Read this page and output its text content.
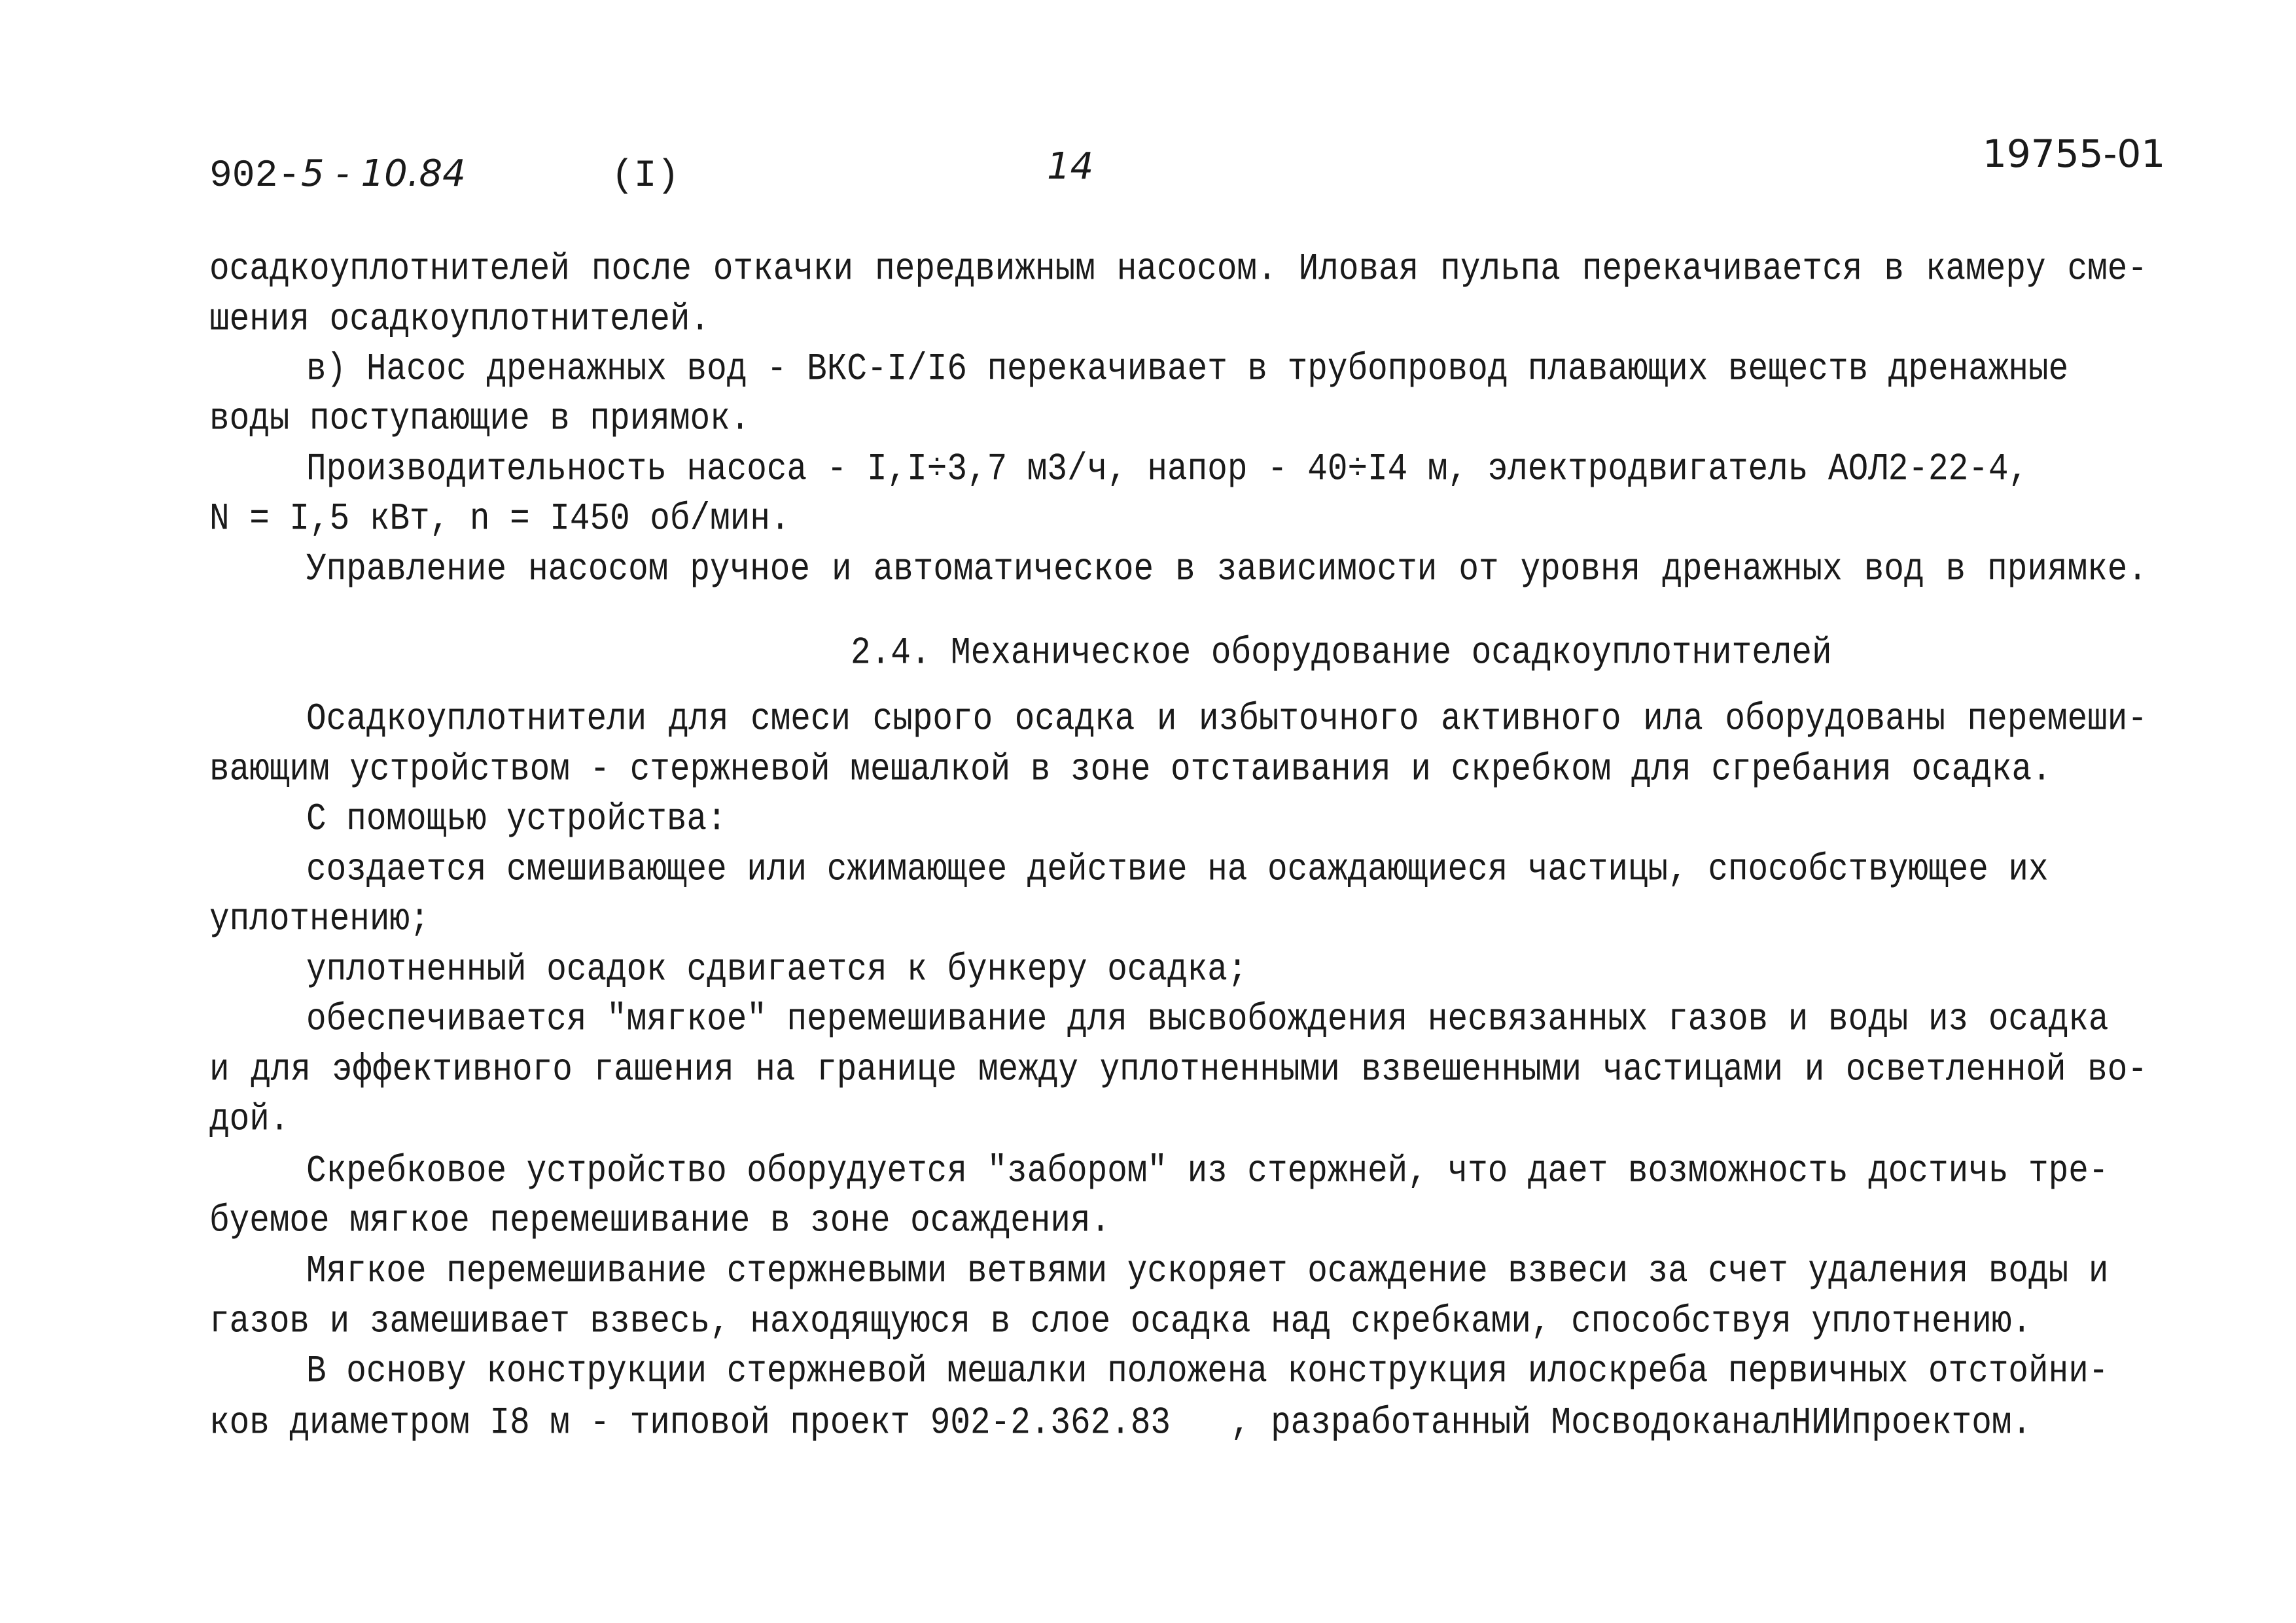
902- 5 - 10.84	(I)	14	19755-01
осадкоуплотнителей после откачки передвижным насосом. Иловая пульпа перекачивается в камеру сме-
шения осадкоуплотнителей.
в) Насос дренажных вод - ВКС-I/I6 перекачивает в трубопровод плавающих веществ дренажные
воды поступающие в приямок.
Производительность насоса - I,I÷3,7 м3/ч, напор - 40÷I4 м, электродвигатель АОЛ2-22-4,
N = I,5 кВт, n = I450 об/мин.
Управление насосом ручное и автоматическое в зависимости от уровня дренажных вод в приямке.
2.4. Механическое оборудование осадкоуплотнителей
Осадкоуплотнители для смеси сырого осадка и избыточного активного ила оборудованы перемеши-
вающим устройством - стержневой мешалкой в зоне отстаивания и скребком для сгребания осадка.
С помощью устройства:
создается смешивающее или сжимающее действие на осаждающиеся частицы, способствующее их
уплотнению;
уплотненный осадок сдвигается к бункеру осадка;
обеспечивается "мягкое" перемешивание для высвобождения несвязанных газов и воды из осадка
и для эффективного гашения на границе между уплотненными взвешенными частицами и осветленной во-
дой.
Скребковое устройство оборудуется "забором" из стержней, что дает возможность достичь тре-
буемое мягкое перемешивание в зоне осаждения.
Мягкое перемешивание стержневыми ветвями ускоряет осаждение взвеси за счет удаления воды и
газов и замешивает взвесь, находящуюся в слое осадка над скребками, способствуя уплотнению.
В основу конструкции стержневой мешалки положена конструкция илоскреба первичных отстойни-
ков диаметром I8 м - типовой проект 902-2.362.83   , разработанный МосводоканалНИИпроектом.
